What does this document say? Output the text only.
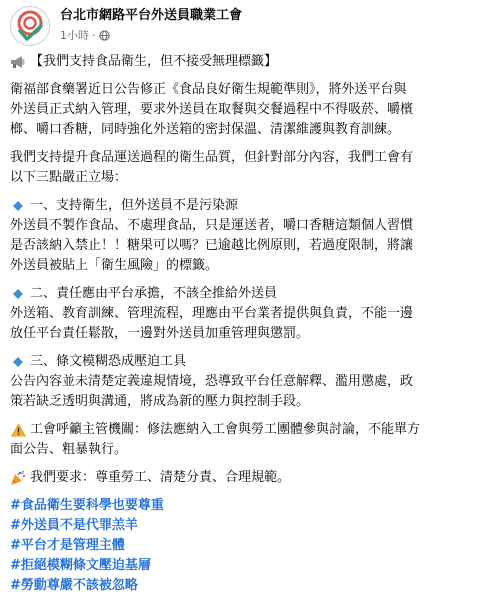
台北市網路平台外送員職業工會
1小時 ·
【我們支持食品衛生，但不接受無理標籤】
衛福部食藥署近日公告修正《食品良好衛生規範準則》，將外送平台與
外送員正式納入管理，要求外送員在取餐與交餐過程中不得吸菸、嚼檳
榔、嚼口香糖，同時強化外送箱的密封保溫、清潔維護與教育訓練。
我們支持提升食品運送過程的衛生品質，但針對部分內容，我們工會有
以下三點嚴正立場：
一、支持衛生，但外送員不是污染源
外送員不製作食品、不處理食品，只是運送者，嚼口香糖這類個人習慣
是否該納入禁止！！糖果可以嗎？已逾越比例原則，若過度限制，將讓
外送員被貼上「衛生風險」的標籤。
二、責任應由平台承擔，不該全推給外送員
外送箱、教育訓練、管理流程，理應由平台業者提供與負責，不能一邊
放任平台責任鬆散，一邊對外送員加重管理與懲罰。
三、條文模糊恐成壓迫工具
公告內容並未清楚定義違規情境，恐導致平台任意解釋、濫用懲處，政
策若缺乏透明與溝通，將成為新的壓力與控制手段。
工會呼籲主管機關：修法應納入工會與勞工團體參與討論，不能單方
面公告、粗暴執行。
我們要求：尊重勞工、清楚分責、合理規範。
#食品衛生要科學也要尊重
#外送員不是代罪羔羊
#平台才是管理主體
#拒絕模糊條文壓迫基層
#勞動尊嚴不該被忽略
